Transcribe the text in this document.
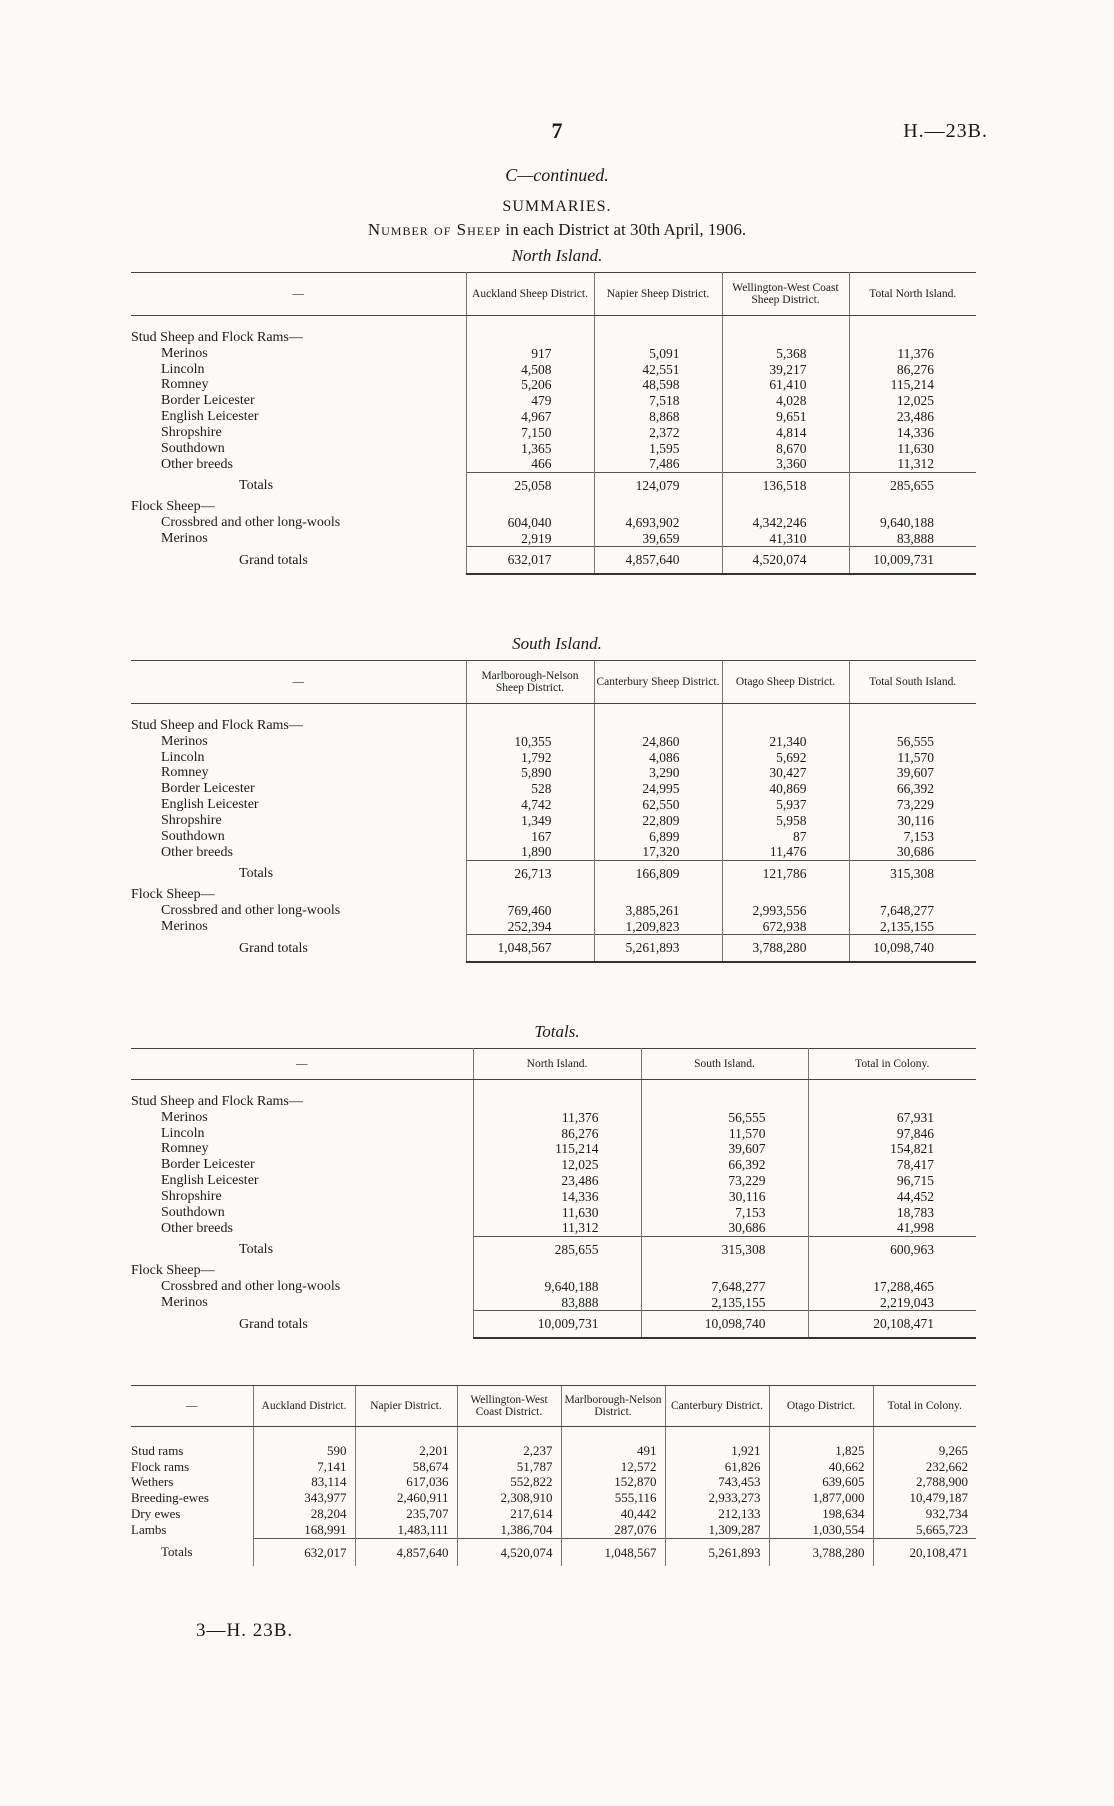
7	H.—23B.
C—continued.
SUMMARIES.
Number of Sheep in each District at 30th April, 1906.
North Island.
—	Auckland Sheep District.	Napier Sheep District.	Wellington-West Coast Sheep District.	Total North Island.

Stud Sheep and Flock Rams—				
Merinos	917	5,091	5,368	11,376
Lincoln	4,508	42,551	39,217	86,276
Romney	5,206	48,598	61,410	115,214
Border Leicester	479	7,518	4,028	12,025
English Leicester	4,967	8,868	9,651	23,486
Shropshire	7,150	2,372	4,814	14,336
Southdown	1,365	1,595	8,670	11,630
Other breeds	466	7,486	3,360	11,312
Totals	25,058	124,079	136,518	285,655
Flock Sheep—				
Crossbred and other long-wools	604,040	4,693,902	4,342,246	9,640,188
Merinos	2,919	39,659	41,310	83,888
Grand totals	632,017	4,857,640	4,520,074	10,009,731
South Island.
—	Marlborough-Nelson Sheep District.	Canterbury Sheep District.	Otago Sheep District.	Total South Island.

Stud Sheep and Flock Rams—				
Merinos	10,355	24,860	21,340	56,555
Lincoln	1,792	4,086	5,692	11,570
Romney	5,890	3,290	30,427	39,607
Border Leicester	528	24,995	40,869	66,392
English Leicester	4,742	62,550	5,937	73,229
Shropshire	1,349	22,809	5,958	30,116
Southdown	167	6,899	87	7,153
Other breeds	1,890	17,320	11,476	30,686
Totals	26,713	166,809	121,786	315,308
Flock Sheep—				
Crossbred and other long-wools	769,460	3,885,261	2,993,556	7,648,277
Merinos	252,394	1,209,823	672,938	2,135,155
Grand totals	1,048,567	5,261,893	3,788,280	10,098,740
Totals.
—	North Island.	South Island.	Total in Colony.

Stud Sheep and Flock Rams—			
Merinos	11,376	56,555	67,931
Lincoln	86,276	11,570	97,846
Romney	115,214	39,607	154,821
Border Leicester	12,025	66,392	78,417
English Leicester	23,486	73,229	96,715
Shropshire	14,336	30,116	44,452
Southdown	11,630	7,153	18,783
Other breeds	11,312	30,686	41,998
Totals	285,655	315,308	600,963
Flock Sheep—			
Crossbred and other long-wools	9,640,188	7,648,277	17,288,465
Merinos	83,888	2,135,155	2,219,043
Grand totals	10,009,731	10,098,740	20,108,471
—	Auckland District.	Napier District.	Wellington-West Coast District.	Marlborough-Nelson District.	Canterbury District.	Otago District.	Total in Colony.

Stud rams	590	2,201	2,237	491	1,921	1,825	9,265
Flock rams	7,141	58,674	51,787	12,572	61,826	40,662	232,662
Wethers	83,114	617,036	552,822	152,870	743,453	639,605	2,788,900
Breeding-ewes	343,977	2,460,911	2,308,910	555,116	2,933,273	1,877,000	10,479,187
Dry ewes	28,204	235,707	217,614	40,442	212,133	198,634	932,734
Lambs	168,991	1,483,111	1,386,704	287,076	1,309,287	1,030,554	5,665,723
Totals	632,017	4,857,640	4,520,074	1,048,567	5,261,893	3,788,280	20,108,471
3—H. 23B.
